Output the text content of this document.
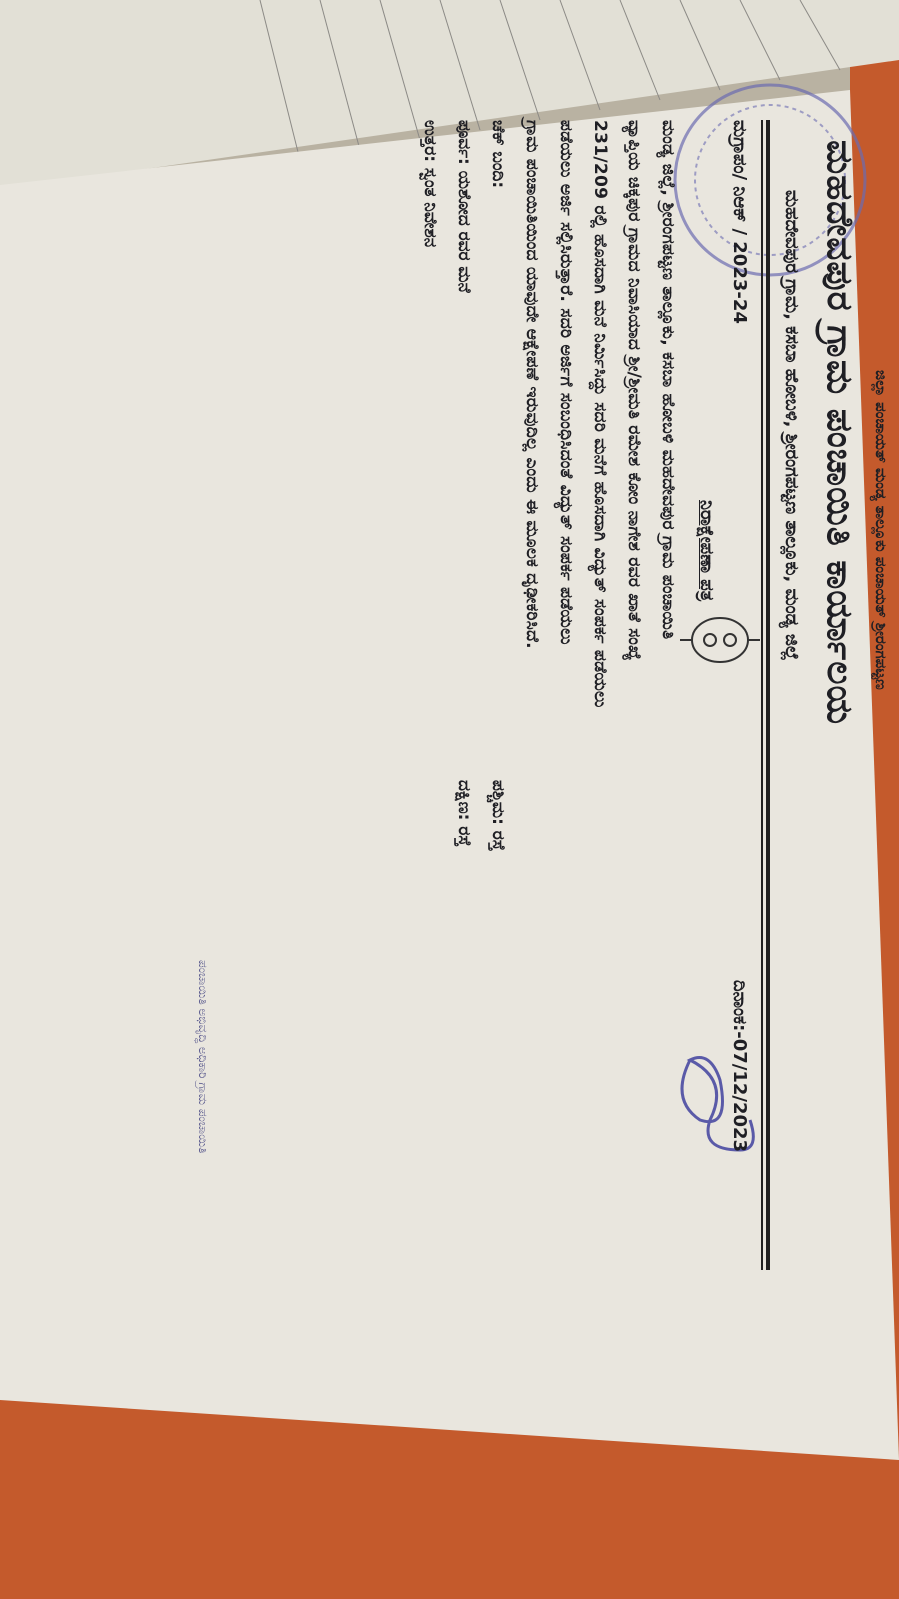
ಜಿಲ್ಲಾ ಪಂಚಾಯತ್ ಮಂಡ್ಯ ತಾಲ್ಲೂಕು ಪಂಚಾಯತ್ ಶ್ರೀರಂಗಪಟ್ಟಣ
ಮಹದೇವಪುರ ಗ್ರಾಮ ಪಂಚಾಯಿತಿ ಕಾರ್ಯಾಲಯ
ಮಹದೇವಪುರ ಗ್ರಾಮ, ಕಸಬಾ ಹೋಬಳಿ, ಶ್ರೀರಂಗಪಟ್ಟಣ ತಾಲ್ಲೂಕು, ಮಂಡ್ಯ ಜಿಲ್ಲೆ
ಮಗ್ರಾಪಂ/ ನಿಆಕ್ / 2023-24
ದಿನಾಂಕ:-07/12/2023
ನಿರಾಕ್ಷೇಪಣಾ ಪತ್ರ
ಮಂಡ್ಯ ಜಿಲ್ಲೆ, ಶ್ರೀರಂಗಪಟ್ಟಣ ತಾಲ್ಲೂಕು, ಕಸಬಾ ಹೋಬಳಿ ಮಹದೇವಪುರ ಗ್ರಾಮ ಪಂಚಾಯಿತಿ
ವ್ಯಾಪ್ತಿಯ ಚಿಕ್ಕಪುರ ಗ್ರಾಮದ ನಿವಾಸಿಯಾದ ಶ್ರೀ/ಶ್ರೀಮತಿ ರಮೇಶ ಕೋಂ ನಾಗೇಶ ರವರ ಖಾತೆ ಸಂಖ್ಯೆ
231/209 ರಲ್ಲಿ ಹೊಸದಾಗಿ ಮನೆ ನಿರ್ಮಿಸಿದ್ದು ಸದರಿ ಮನೆಗೆ ಹೊಸದಾಗಿ ವಿದ್ಯುತ್ ಸಂಪರ್ಕ ಪಡೆಯಲು
ಪಡೆಯಲು ಅರ್ಜಿ ಸಲ್ಲಿಸಿರುತ್ತಾರೆ. ಸದರಿ ಅರ್ಜಿಗೆ ಸಂಬಂಧಿಸಿದಂತೆ ವಿದ್ಯುತ್ ಸಂಪರ್ಕ ಪಡೆಯಲು
ಗ್ರಾಮ ಪಂಚಾಯಿತಿಯಿಂದ ಯಾವುದೇ ಆಕ್ಷೇಪಣೆ ಇರುವುದಿಲ್ಲ ಎಂದು ಈ ಮೂಲಕ ದೃಢೀಕರಿಸಿದೆ.
ಚೆಕ್ ಬಂದಿ:
ಪೂರ್ವ: ಯಶೋದ ರವರ ಮನೆ
ಉತ್ತರ: ಸ್ವಂತ ನಿವೇಶನ
ಪಶ್ಚಿಮ: ರಸ್ತೆ
ದಕ್ಷಿಣ: ರಸ್ತೆ
ಪಂಚಾಯಿತಿ ಅಭಿವೃದ್ಧಿ ಅಧಿಕಾರಿ ಗ್ರಾಮ ಪಂಚಾಯಿತಿ
